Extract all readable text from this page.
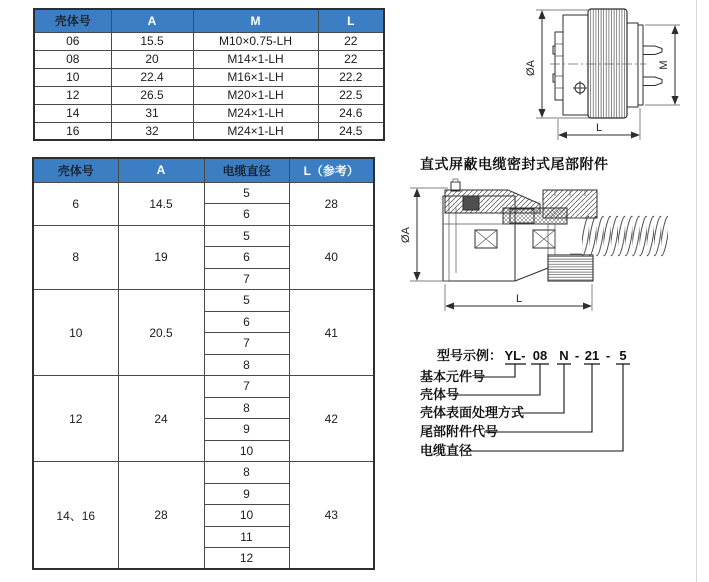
壳体号	A	M	L
06	15.5	M10×0.75-LH	22
08	20	M14×1-LH	22
10	22.4	M16×1-LH	22.2
12	26.5	M20×1-LH	22.5
14	31	M24×1-LH	24.6
16	32	M24×1-LH	24.5
壳体号	A	电缆直径	L（参考）
6	14.5	5	28
		6	
8	19	5	40
		6	
		7	
10	20.5	5	41
		6	
		7	
		8	
12	24	7	42
		8	
		9	
		10	
14、16	28	8	43
		9	
		10	
		11	
		12	
ØA	M
L
直式屏蔽电缆密封式尾部附件
ØA
L
型号示例： YL- 08 N - 21 - 5
基本元件号
壳体号
壳体表面处理方式
尾部附件代号
电缆直径
